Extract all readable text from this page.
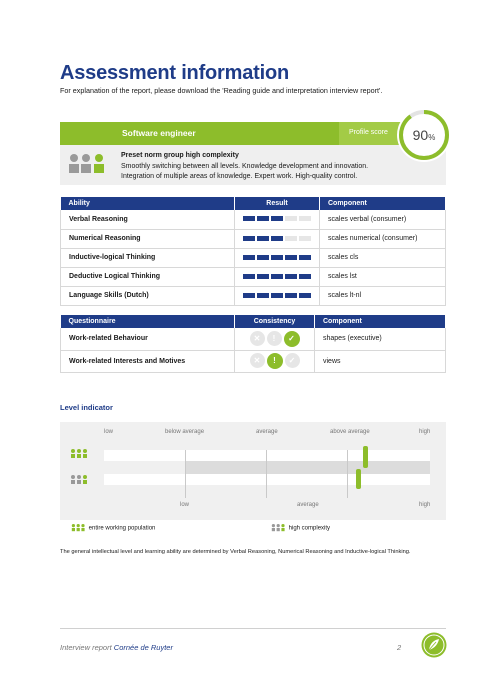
Assessment information
For explanation of the report, please download the 'Reading guide and interpretation interview report'.
Software engineer	Profile score
Preset norm group high complexity
Smoothly switching between all levels. Knowledge development and innovation. Integration of multiple areas of knowledge. Expert work. High-quality control.
90%
Ability	Result	Component
Verbal Reasoning		scales verbal (consumer)
Numerical Reasoning		scales numerical (consumer)
Inductive-logical Thinking		scales cls
Deductive Logical Thinking		scales lst
Language Skills (Dutch)		scales lt-nl
Questionnaire	Consistency	Component
Work-related Behaviour	✕ ! ✓	shapes (executive)
Work-related Interests and Motives	✕ ! ✓	views
Level indicator
low	below average	average	above average	high
low	average	high
entire working population	high complexity
The general intellectual level and learning ability are determined by Verbal Reasoning, Numerical Reasoning and Inductive-logical Thinking.
Interview report Cornée de Ruyter	2
